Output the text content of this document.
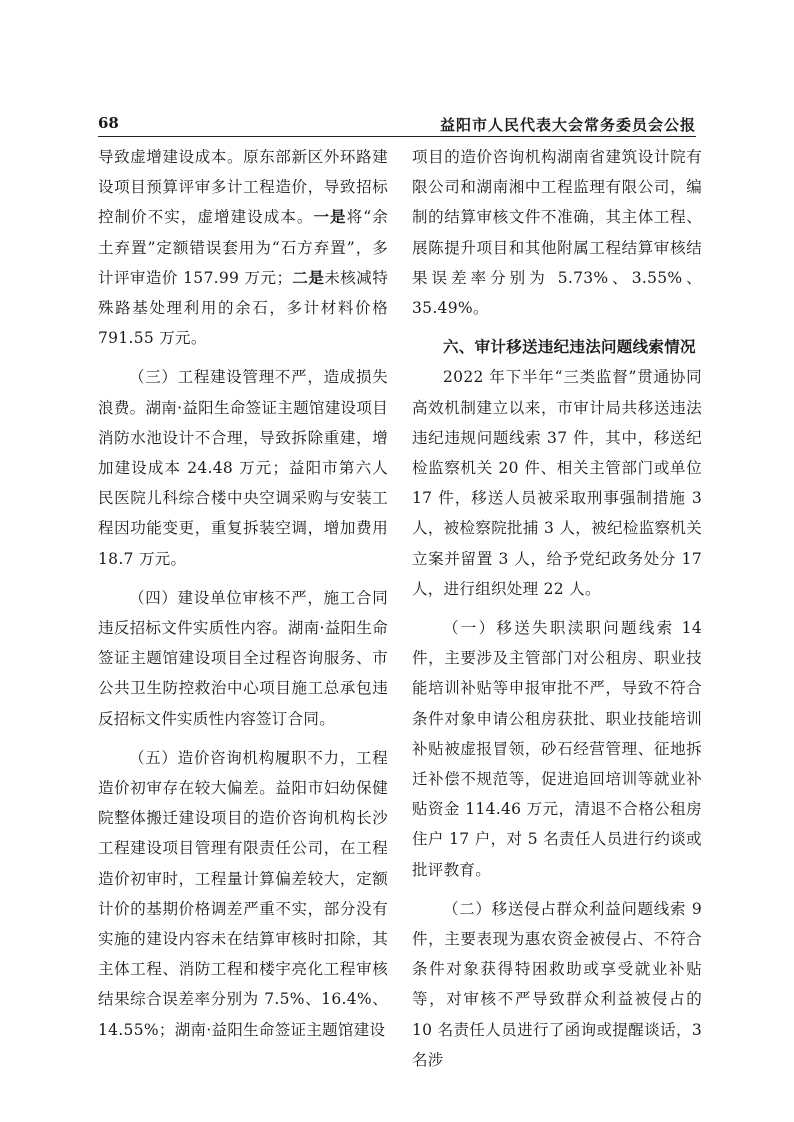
68	益阳市人民代表大会常务委员会公报

导致虚增建设成本。原东部新区外环路建设项目预算评审多计工程造价，导致招标控制价不实，虚增建设成本。一是将“余土弃置”定额错误套用为“石方弃置”，多计评审造价 157.99 万元；二是未核减特殊路基处理利用的余石，多计材料价格 791.55 万元。

（三）工程建设管理不严，造成损失浪费。湖南·益阳生命签证主题馆建设项目消防水池设计不合理，导致拆除重建，增加建设成本 24.48 万元；益阳市第六人民医院儿科综合楼中央空调采购与安装工程因功能变更，重复拆装空调，增加费用 18.7 万元。

（四）建设单位审核不严，施工合同违反招标文件实质性内容。湖南·益阳生命签证主题馆建设项目全过程咨询服务、市公共卫生防控救治中心项目施工总承包违反招标文件实质性内容签订合同。

（五）造价咨询机构履职不力，工程造价初审存在较大偏差。益阳市妇幼保健院整体搬迁建设项目的造价咨询机构长沙工程建设项目管理有限责任公司，在工程造价初审时，工程量计算偏差较大，定额计价的基期价格调差严重不实，部分没有实施的建设内容未在结算审核时扣除，其主体工程、消防工程和楼宇亮化工程审核结果综合误差率分别为 7.5%、16.4%、14.55%；湖南·益阳生命签证主题馆建设

项目的造价咨询机构湖南省建筑设计院有限公司和湖南湘中工程监理有限公司，编制的结算审核文件不准确，其主体工程、展陈提升项目和其他附属工程结算审核结果误差率分别为 5.73%、3.55%、35.49%。

六、审计移送违纪违法问题线索情况

2022 年下半年“三类监督”贯通协同高效机制建立以来，市审计局共移送违法违纪违规问题线索 37 件，其中，移送纪检监察机关 20 件、相关主管部门或单位 17 件，移送人员被采取刑事强制措施 3 人，被检察院批捕 3 人，被纪检监察机关立案并留置 3 人，给予党纪政务处分 17 人，进行组织处理 22 人。

（一）移送失职渎职问题线索 14 件，主要涉及主管部门对公租房、职业技能培训补贴等申报审批不严，导致不符合条件对象申请公租房获批、职业技能培训补贴被虚报冒领，砂石经营管理、征地拆迁补偿不规范等，促进追回培训等就业补贴资金 114.46 万元，清退不合格公租房住户 17 户，对 5 名责任人员进行约谈或批评教育。

（二）移送侵占群众利益问题线索 9 件，主要表现为惠农资金被侵占、不符合条件对象获得特困救助或享受就业补贴等，对审核不严导致群众利益被侵占的 10 名责任人员进行了函询或提醒谈话，3 名涉
